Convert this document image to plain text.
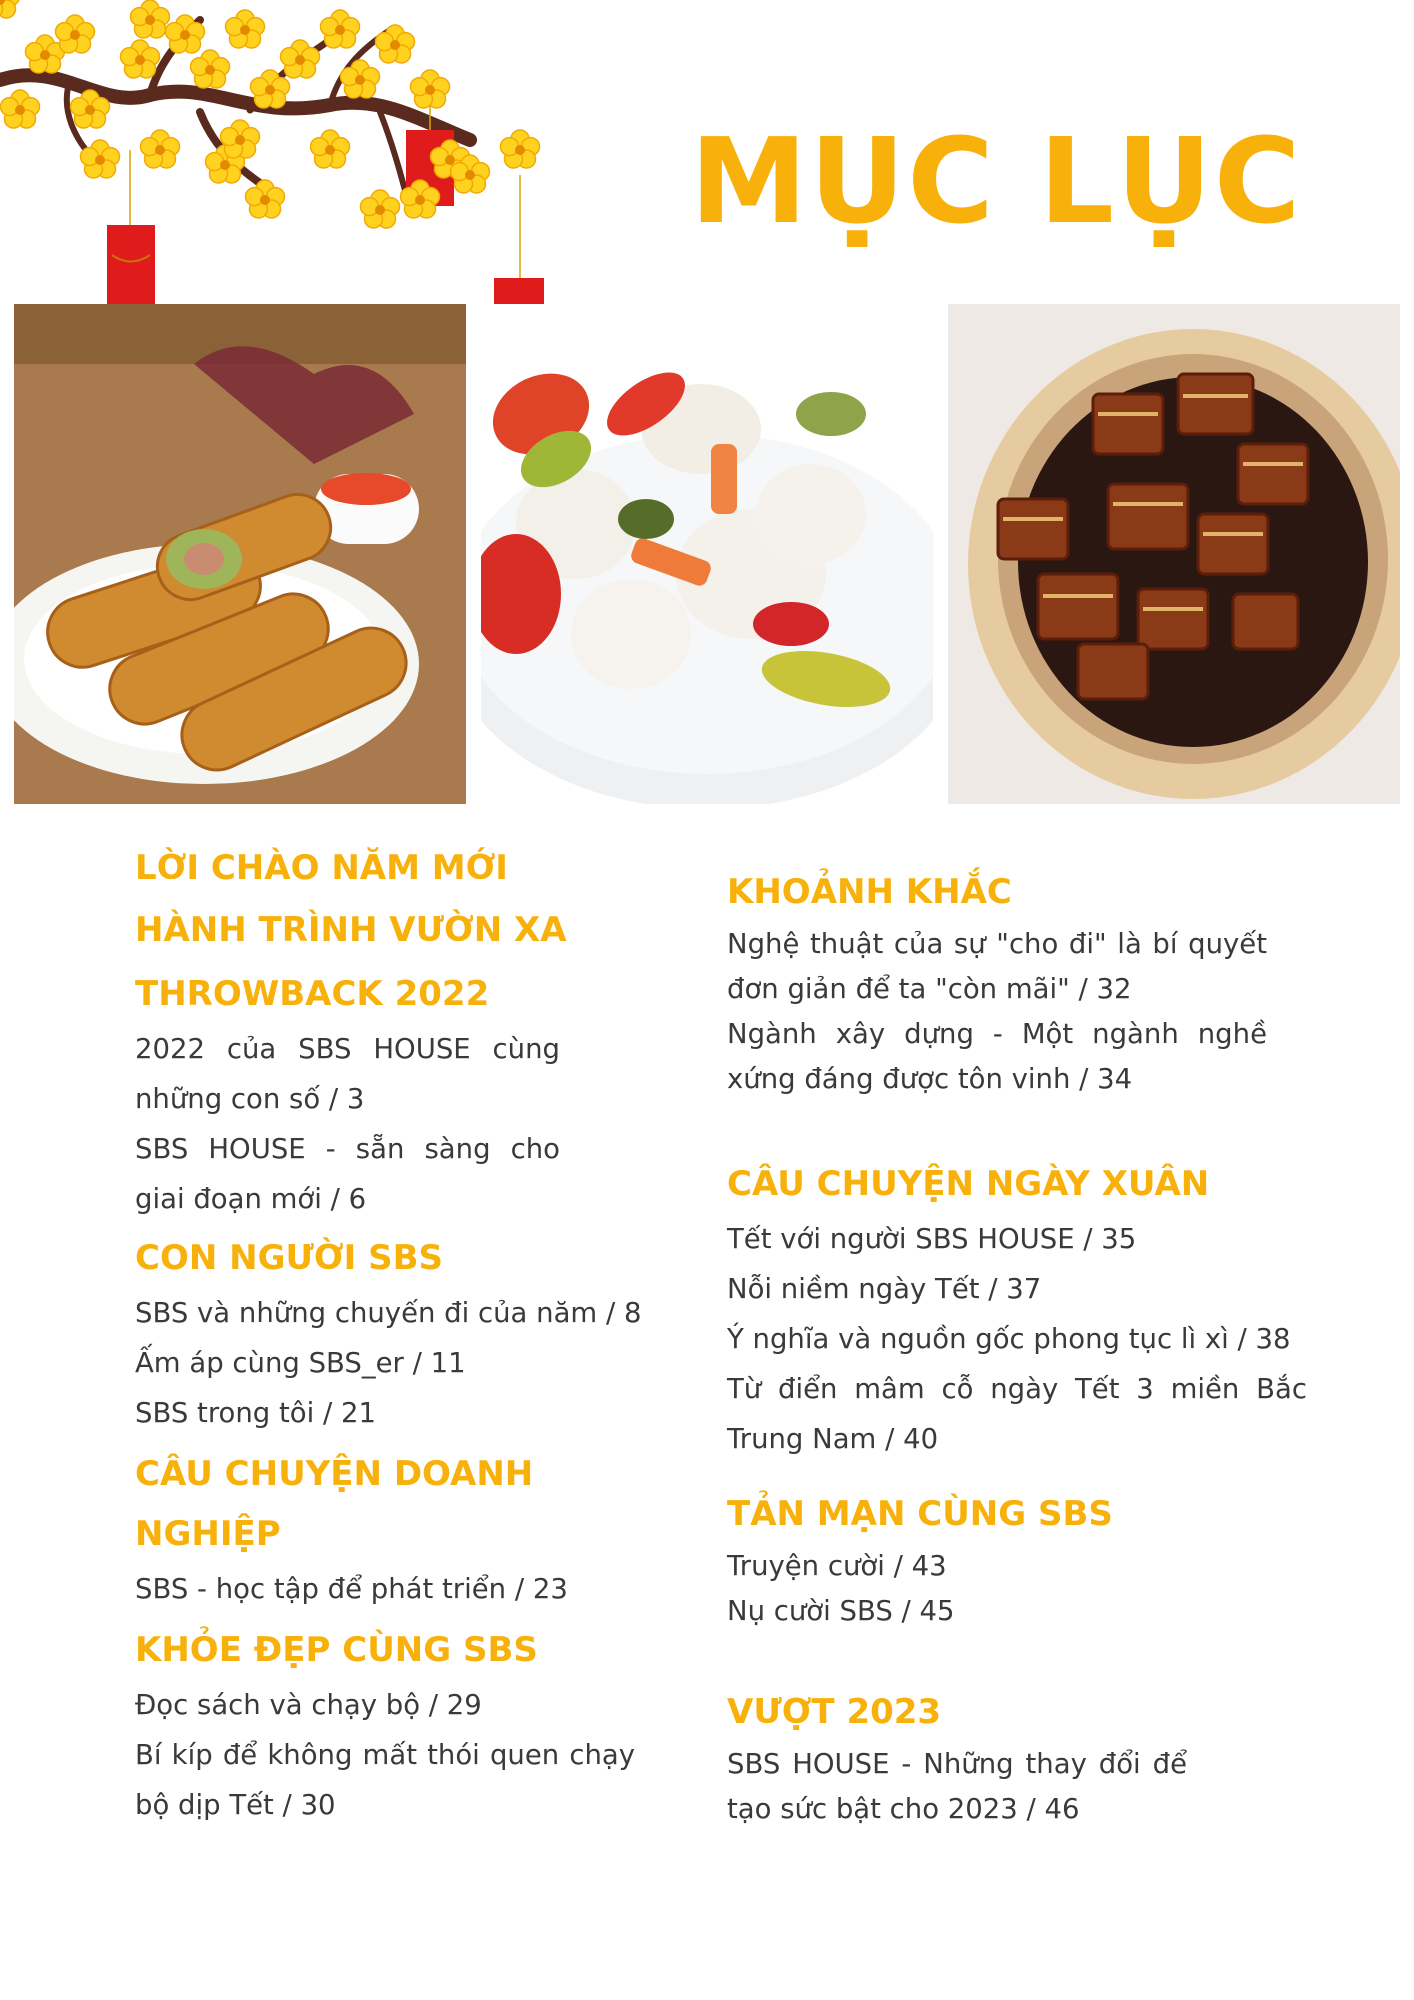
MỤC LỤC
LỜI CHÀO NĂM MỚI
HÀNH TRÌNH VƯỜN XA
THROWBACK 2022
2022 của SBS HOUSE cùng những con số / 3
SBS HOUSE - sẵn sàng cho giai đoạn mới / 6
CON NGƯỜI SBS
SBS và những chuyến đi của năm / 8
Ấm áp cùng SBS_er / 11
SBS trong tôi / 21
CÂU CHUYỆN DOANH NGHIỆP
SBS - học tập để phát triển / 23
KHỎE ĐẸP CÙNG SBS
Đọc sách và chạy bộ / 29
Bí kíp để không mất thói quen chạy bộ dịp Tết / 30
KHOẢNH KHẮC
Nghệ thuật của sự "cho đi" là bí quyết đơn giản để ta "còn mãi" / 32
Ngành xây dựng - Một ngành nghề xứng đáng được tôn vinh / 34
CÂU CHUYỆN NGÀY XUÂN
Tết với người SBS HOUSE / 35
Nỗi niềm ngày Tết / 37
Ý nghĩa và nguồn gốc phong tục lì xì / 38
Từ điển mâm cỗ ngày Tết 3 miền Bắc Trung Nam / 40
TẢN MẠN CÙNG SBS
Truyện cười / 43
Nụ cười SBS / 45
VƯỢT 2023
SBS HOUSE - Những thay đổi để tạo sức bật cho 2023 / 46
